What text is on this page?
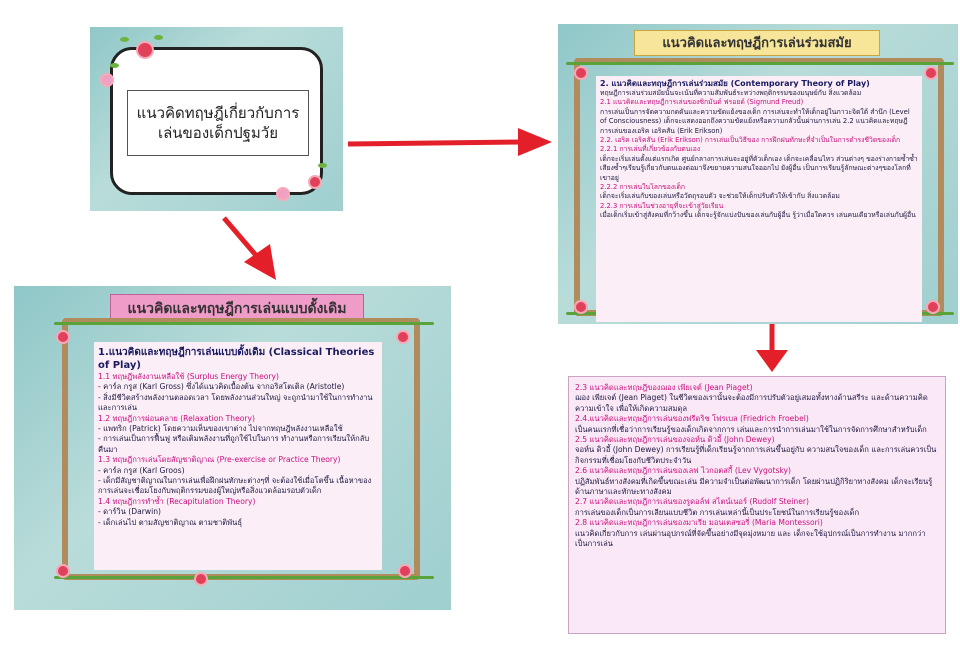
แนวคิดทฤษฎีเกี่ยวกับการเล่นของเด็กปฐมวัย
แนวคิดและทฤษฎีการเล่นแบบดั้งเดิม

1.แนวคิดและทฤษฎีการเล่นแบบดั้งเดิม (Classical Theories of Play)

1.1 ทฤษฎีพลังงานเหลือใช้ (Surplus Energy Theory)

- คาร์ล กรูส (Karl Gross) ซึ่งได้แนวคิดเบื้องต้น จากอริสโตเติล (Aristotle)

- สิ่งมีชีวิตสร้างพลังงานตลอดเวลา โดยพลังงานส่วนใหญ่ จะถูกนำมาใช้ในการทำงานและการเล่น

1.2 ทฤษฎีการผ่อนคลาย (Relaxation Theory)

- แพทริก (Patrick) โดยความเห็นของเขาต่าง ไปจากทฤษฎีพลังงานเหลือใช้

- การเล่นเป็นการฟื้นฟู หรือเติมพลังงานที่ถูกใช้ไปในการ ทำงานหรือการเรียนให้กลับคืนมา

1.3 ทฤษฎีการเล่นโดยสัญชาติญาณ (Pre-exercise or Practice Theory)

- คาร์ล กรูส (Karl Groos)

- เด็กมีสัญชาติญาณในการเล่นเพื่อฝึกฝนทักษะต่างๆที่ จะต้องใช้เมื่อโตขึ้น เนื้อหาของการเล่นจะเชื่อมโยงกับพฤติกรรมของผู้ใหญ่หรือสิ่งแวดล้อมรอบตัวเด็ก

1.4 ทฤษฎีการทำซ้ำ (Recapitulation Theory)

- ดาร์วิน (Darwin)

- เด็กเล่นไป ตามสัญชาติญาณ ตามชาติพันธุ์

แนวคิดและทฤษฎีการเล่นร่วมสมัย

2. แนวคิดและทฤษฎีการเล่นร่วมสมัย (Contemporary Theory of Play)

ทฤษฎีการเล่นร่วมสมัยนั้นจะเน้นที่ความสัมพันธ์ระหว่างพฤติกรรมของมนุษย์กับ สิ่งแวดล้อม

2.1 แนวคิดและทฤษฎีการเล่นของซิกมันด์ ฟรอยด์ (Sigmund Freud)

การเล่นเป็นการจัดความกดดันและความขัดแย้งของเด็ก การเล่นจะทำให้เด็กอยู่ในภาวะจิตใต้ สำนึก (Level of Consciousness) เด็กจะแสดงออกถึงความขัดแย้งหรือความกลัวนั้นผ่านการเล่น 2.2 แนวคิดและทฤษฎีการเล่นของเอริค เอริคสัน (Erik Erikson)

2.2. เอริค เอริคสัน (Erik Erikson) การเล่นเป็นวิธีของ การฝึกฝนทักษะที่จำเป็นในการดำรงชีวิตของเด็ก

2.2.1 การเล่นที่เกี่ยวข้องกับตนเอง

เด็กจะเริ่มเล่นตั้งแต่แรกเกิด ศูนย์กลางการเล่นจะอยู่ที่ตัวเด็กเอง เด็กจะเคลื่อนไหว ส่วนต่างๆ ของร่างกายซ้ำซ้ำเสียงซ้ำๆเรียนรู้เกี่ยวกับตนเองต่อมาจึงขยายความสนใจออกไป ยังผู้อื่น เป็นการเรียนรู้ลักษณะต่างๆของโลกที่เขาอยู่

2.2.2 การเล่นในโลกของเด็ก

เด็กจะเริ่มเล่นกับของเล่นหรือวัตถุรอบตัว จะช่วยให้เด็กปรับตัวให้เข้ากับ สิ่งแวดล้อม

2.2.3 การเล่นในช่วงอายุที่จะเข้าสู่วัยเรียน

เมื่อเด็กเริ่มเข้าสู่สังคมที่กว้างขึ้น เด็กจะรู้จักแบ่งปันของเล่นกับผู้อื่น รู้ว่าเมื่อใดควร เล่นคนเดียวหรือเล่นกับผู้อื่น

2.3 แนวคิดและทฤษฎีของฌอง เพียเจต์ (Jean Piaget)

ฌอง เพียเจต์ (Jean Piaget) ในชีวิตของเรานั้นจะต้องมีการปรับตัวอยู่เสมอทั้งทางด้านสรีระ และด้านความคิดความเข้าใจ เพื่อให้เกิดความสมดุล

2.4.แนวคิดและทฤษฎีการเล่นของฟรีดริช โฟรเบล (Friedrich Froebel)

เป็นคนแรกที่เชื่อว่าการเรียนรู้ของเด็กเกิดจากการ เล่นและการนำการเล่นมาใช้ในการจัดการศึกษาสำหรับเด็ก

2.5 แนวคิดและทฤษฎีการเล่นของจอห์น ดิวอี้ (John Dewey)

จอห์น ดิวอี้ (John Dewey) การเรียนรู้ที่เด็กเรียนรู้จากการเล่นขึ้นอยู่กับ ความสนใจของเด็ก และการเล่นควรเป็นกิจกรรมที่เชื่อมโยงกับชีวิตประจำวัน

2.6 แนวคิดและทฤษฎีการเล่นของเลฟ ไวกอตสกี้ (Lev Vygotsky)

ปฏิสัมพันธ์ทางสังคมที่เกิดขึ้นขณะเล่น มีความจำเป็นต่อพัฒนาการเด็ก โดยผ่านปฏิกิริยาทางสังคม เด็กจะเรียนรู้ด้านภาษาและทักษะทางสังคม

2.7 แนวคิดและทฤษฎีการเล่นของรูดอล์ฟ สไตน์เนอร์ (Rudolf Steiner)

การเล่นของเด็กเป็นการเลียนแบบชีวิต การเล่นเหล่านี้เป็นประโยชน์ในการเรียนรู้ของเด็ก

2.8 แนวคิดและทฤษฎีการเล่นของมาเรีย มอนเตสซอรี่ (Maria Montessori)

แนวคิดเกี่ยวกับการ เล่นผ่านอุปกรณ์ที่จัดขึ้นอย่างมีจุดมุ่งหมาย และ เด็กจะใช้อุปกรณ์เป็นการทำงาน มากกว่าเป็นการเล่น
